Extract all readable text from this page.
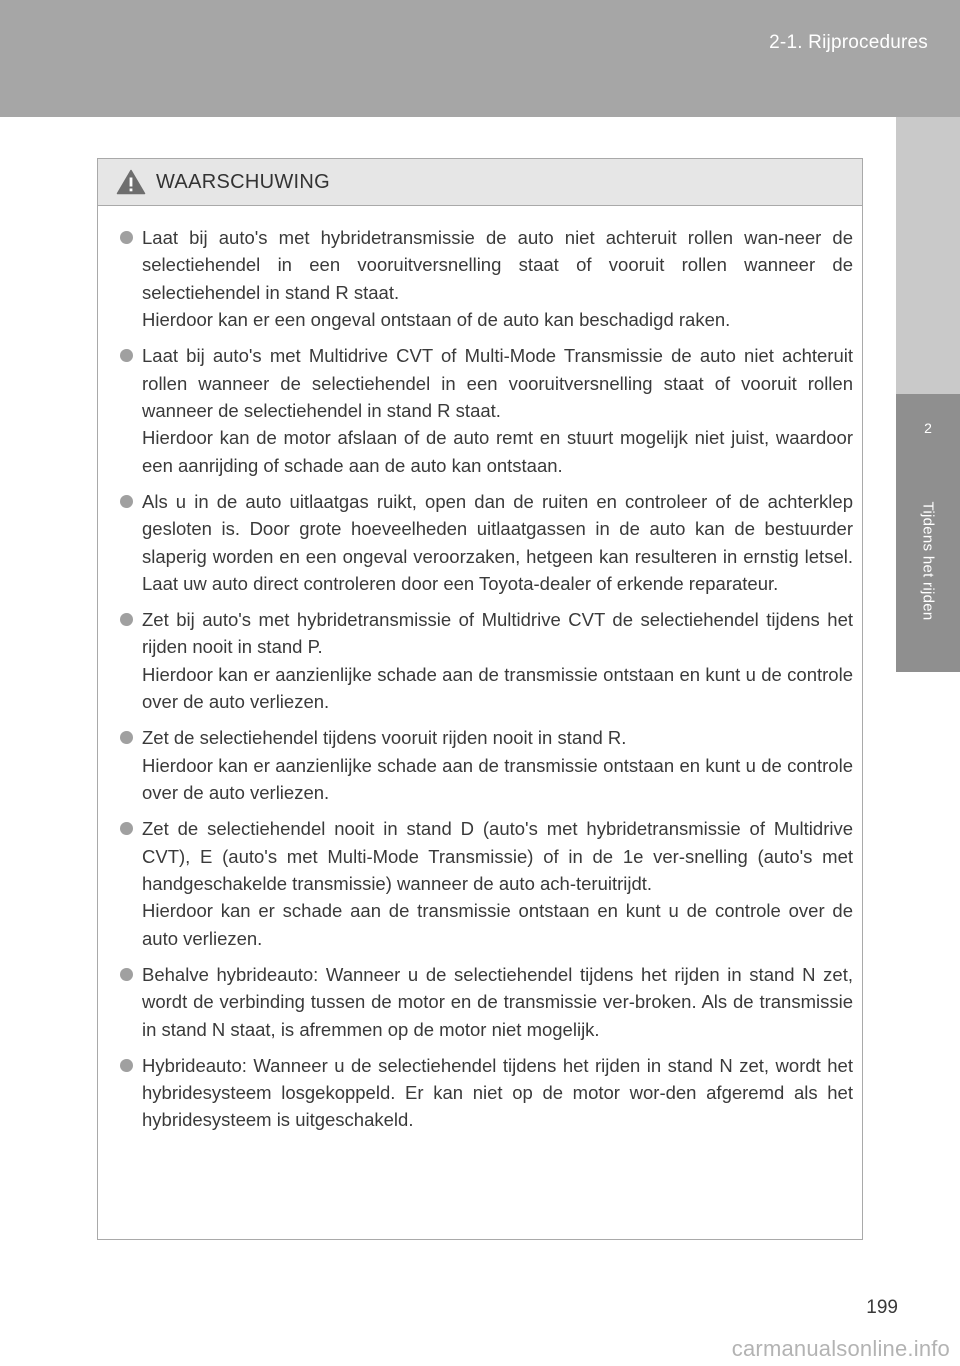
2-1. Rijprocedures
2
Tijdens het rijden
WAARSCHUWING
Laat bij auto's met hybridetransmissie de auto niet achteruit rollen wan-neer de selectiehendel in een vooruitversnelling staat of vooruit rollen wanneer de selectiehendel in stand R staat.
Hierdoor kan er een ongeval ontstaan of de auto kan beschadigd raken.
Laat bij auto's met Multidrive CVT of Multi-Mode Transmissie de auto niet achteruit rollen wanneer de selectiehendel in een vooruitversnelling staat of vooruit rollen wanneer de selectiehendel in stand R staat.
Hierdoor kan de motor afslaan of de auto remt en stuurt mogelijk niet juist, waardoor een aanrijding of schade aan de auto kan ontstaan.
Als u in de auto uitlaatgas ruikt, open dan de ruiten en controleer of de achterklep gesloten is. Door grote hoeveelheden uitlaatgassen in de auto kan de bestuurder slaperig worden en een ongeval veroorzaken, hetgeen kan resulteren in ernstig letsel. Laat uw auto direct controleren door een Toyota-dealer of erkende reparateur.
Zet bij auto's met hybridetransmissie of Multidrive CVT de selectiehendel tijdens het rijden nooit in stand P.
Hierdoor kan er aanzienlijke schade aan de transmissie ontstaan en kunt u de controle over de auto verliezen.
Zet de selectiehendel tijdens vooruit rijden nooit in stand R.
Hierdoor kan er aanzienlijke schade aan de transmissie ontstaan en kunt u de controle over de auto verliezen.
Zet de selectiehendel nooit in stand D (auto's met hybridetransmissie of Multidrive CVT), E (auto's met Multi-Mode Transmissie) of in de 1e ver-snelling (auto's met handgeschakelde transmissie) wanneer de auto ach-teruitrijdt.
Hierdoor kan er schade aan de transmissie ontstaan en kunt u de controle over de auto verliezen.
Behalve hybrideauto: Wanneer u de selectiehendel tijdens het rijden in stand N zet, wordt de verbinding tussen de motor en de transmissie ver-broken. Als de transmissie in stand N staat, is afremmen op de motor niet mogelijk.
Hybrideauto: Wanneer u de selectiehendel tijdens het rijden in stand N zet, wordt het hybridesysteem losgekoppeld. Er kan niet op de motor wor-den afgeremd als het hybridesysteem is uitgeschakeld.
199
carmanualsonline.info
